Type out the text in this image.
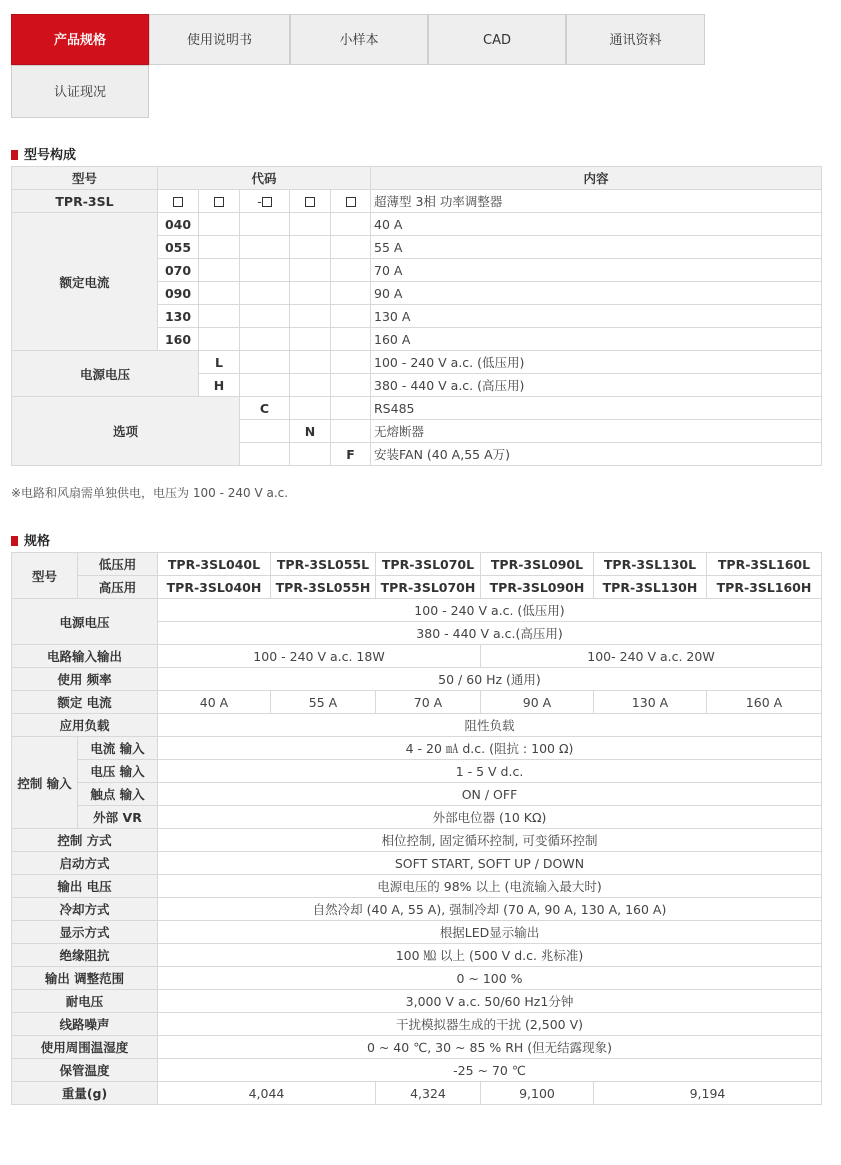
产品规格	使用说明书	小样本	CAD	通讯资料
认证现况
型号构成
型号	代码					内容
TPR-3SL			-			超薄型 3相 功率调整器
额定电流	040					40 A
	055					55 A
	070					70 A
	090					90 A
	130					130 A
	160					160 A
电源电压		L				100 - 240 V a.c. (低压用)
		H				380 - 440 V a.c. (高压用)
选项			C			RS485
				N		无熔断器
					F	安装FAN (40 A,55 A万)
※电路和风扇需单独供电，电压为 100 - 240 V a.c.
规格
型号	低压用	TPR-3SL040L	TPR-3SL055L	TPR-3SL070L	TPR-3SL090L	TPR-3SL130L	TPR-3SL160L
	高压用	TPR-3SL040H	TPR-3SL055H	TPR-3SL070H	TPR-3SL090H	TPR-3SL130H	TPR-3SL160H
电源电压		100 - 240 V a.c. (低压用)					
		380 - 440 V a.c.(高压用)					
电路输入输出		100 - 240 V a.c. 18W			100- 240 V a.c. 20W		
使用 频率		50 / 60 Hz (通用)					
额定 电流		40 A	55 A	70 A	90 A	130 A	160 A
应用负载		阻性负载					
控制 输入	电流 输入	4 - 20 ㎃ d.c. (阻抗 : 100 Ω)					
	电压 输入	1 - 5 V d.c.					
	触点 输入	ON / OFF					
	外部 VR	外部电位器 (10 KΩ)					
控制 方式		相位控制, 固定循环控制, 可变循环控制					
启动方式		SOFT START, SOFT UP / DOWN					
输出 电压		电源电压的 98% 以上 (电流输入最大时)					
冷却方式		自然冷却 (40 A, 55 A), 强制冷却 (70 A, 90 A, 130 A, 160 A)					
显示方式		根据LED显示输出					
绝缘阻抗		100 ㏁ 以上 (500 V d.c. 兆标准)					
输出 调整范围		0 ~ 100 %					
耐电压		3,000 V a.c. 50/60 Hz1分钟					
线路噪声		干扰模拟器生成的干扰 (2,500 V)					
使用周围温湿度		0 ~ 40 ℃, 30 ~ 85 % RH (但无结露现象)					
保管温度		-25 ~ 70 ℃					
重量(g)		4,044		4,324	9,100	9,194	
